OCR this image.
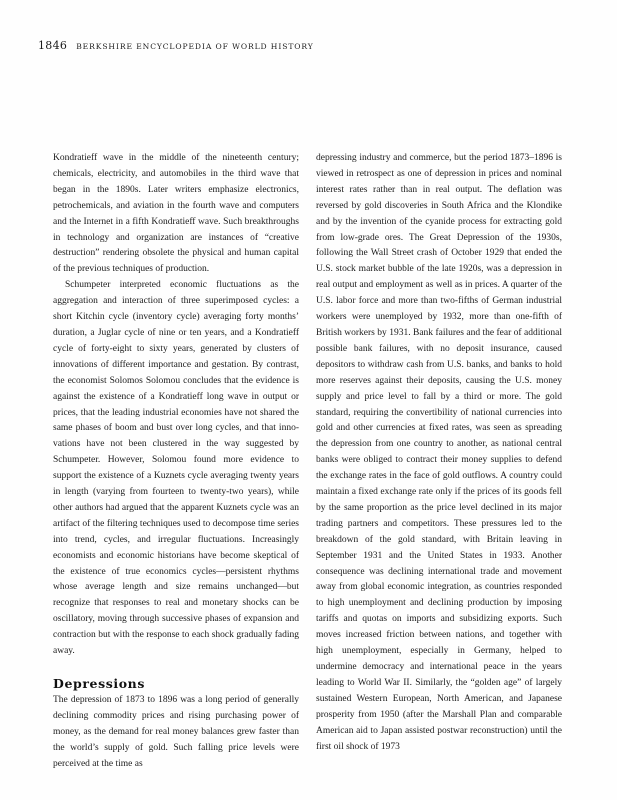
1846 BERKSHIRE ENCYCLOPEDIA OF WORLD HISTORY

Kondratieff wave in the middle of the nineteenth century; chemicals, electricity, and automobiles in the third wave that began in the 1890s. Later writers emphasize electronics, petrochemicals, and aviation in the fourth wave and computers and the Internet in a fifth Kondratieff wave. Such breakthroughs in technology and organization are instances of “creative destruction” rendering obsolete the physical and human capital of the previous techniques of production.

Schumpeter interpreted economic fluctuations as the aggregation and interaction of three superimposed cycles: a short Kitchin cycle (inventory cycle) averaging forty months’ duration, a Juglar cycle of nine or ten years, and a Kondratieff cycle of forty-eight to sixty years, generated by clusters of innovations of different importance and gestation. By contrast, the economist Solomos Solomou concludes that the evidence is against the existence of a Kondratieff long wave in output or prices, that the leading industrial economies have not shared the same phases of boom and bust over long cycles, and that innovations have not been clustered in the way suggested by Schumpeter. However, Solomou found more evidence to support the existence of a Kuznets cycle averaging twenty years in length (varying from fourteen to twenty-two years), while other authors had argued that the apparent Kuznets cycle was an artifact of the filtering techniques used to decompose time series into trend, cycles, and irregular fluctuations. Increasingly economists and economic historians have become skeptical of the existence of true economics cycles—persistent rhythms whose average length and size remains unchanged—but recognize that responses to real and monetary shocks can be oscillatory, moving through successive phases of expansion and contraction but with the response to each shock gradually fading away.

Depressions

The depression of 1873 to 1896 was a long period of generally declining commodity prices and rising purchasing power of money, as the demand for real money balances grew faster than the world’s supply of gold. Such falling price levels were perceived at the time as

depressing industry and commerce, but the period 1873–1896 is viewed in retrospect as one of depression in prices and nominal interest rates rather than in real output. The deflation was reversed by gold discoveries in South Africa and the Klondike and by the invention of the cyanide process for extracting gold from low-grade ores. The Great Depression of the 1930s, following the Wall Street crash of October 1929 that ended the U.S. stock market bubble of the late 1920s, was a depression in real output and employment as well as in prices. A quarter of the U.S. labor force and more than two-fifths of German industrial workers were unemployed by 1932, more than one-fifth of British workers by 1931. Bank failures and the fear of additional possible bank failures, with no deposit insurance, caused depositors to withdraw cash from U.S. banks, and banks to hold more reserves against their deposits, causing the U.S. money supply and price level to fall by a third or more. The gold standard, requiring the convertibility of national currencies into gold and other currencies at fixed rates, was seen as spreading the depression from one country to another, as national central banks were obliged to contract their money supplies to defend the exchange rates in the face of gold outflows. A country could maintain a fixed exchange rate only if the prices of its goods fell by the same proportion as the price level declined in its major trading partners and competitors. These pressures led to the breakdown of the gold standard, with Britain leaving in September 1931 and the United States in 1933. Another consequence was declining international trade and movement away from global economic integration, as countries responded to high unemployment and declining production by imposing tariffs and quotas on imports and subsidizing exports. Such moves increased friction between nations, and together with high unemployment, especially in Germany, helped to undermine democracy and international peace in the years leading to World War II. Similarly, the “golden age” of largely sustained Western European, North American, and Japanese prosperity from 1950 (after the Marshall Plan and comparable American aid to Japan assisted postwar reconstruction) until the first oil shock of 1973
